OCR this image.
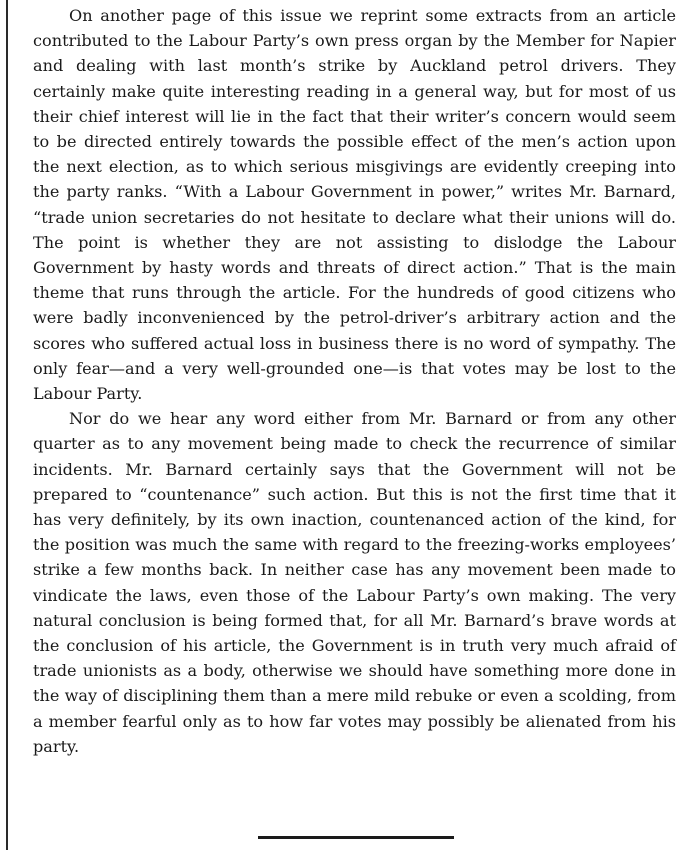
On another page of this issue we reprint some extracts from an article contributed to the Labour Party’s own press organ by the Member for Napier and dealing with last month’s strike by Auckland petrol drivers. They certainly make quite interesting reading in a general way, but for most of us their chief interest will lie in the fact that their writer’s concern would seem to be directed entirely towards the possible effect of the men’s action upon the next election, as to which serious misgivings are evidently creeping into the party ranks. “With a Labour Government in power,” writes Mr. Barnard, “trade union secretaries do not hesitate to declare what their unions will do. The point is whether they are not assisting to dislodge the Labour Government by hasty words and threats of direct action.” That is the main theme that runs through the article. For the hundreds of good citizens who were badly inconvenienced by the petrol-driver’s arbitrary action and the scores who suffered actual loss in business there is no word of sympathy. The only fear—and a very well-grounded one—is that votes may be lost to the Labour Party.

Nor do we hear any word either from Mr. Barnard or from any other quarter as to any movement being made to check the recurrence of similar incidents. Mr. Barnard certainly says that the Government will not be prepared to “countenance” such action. But this is not the first time that it has very definitely, by its own inaction, countenanced action of the kind, for the position was much the same with regard to the freezing-works employees’ strike a few months back. In neither case has any movement been made to vindicate the laws, even those of the Labour Party’s own making. The very natural conclusion is being formed that, for all Mr. Barnard’s brave words at the conclusion of his article, the Government is in truth very much afraid of trade unionists as a body, otherwise we should have something more done in the way of disciplining them than a mere mild rebuke or even a scolding, from a member fearful only as to how far votes may possibly be alienated from his party.
